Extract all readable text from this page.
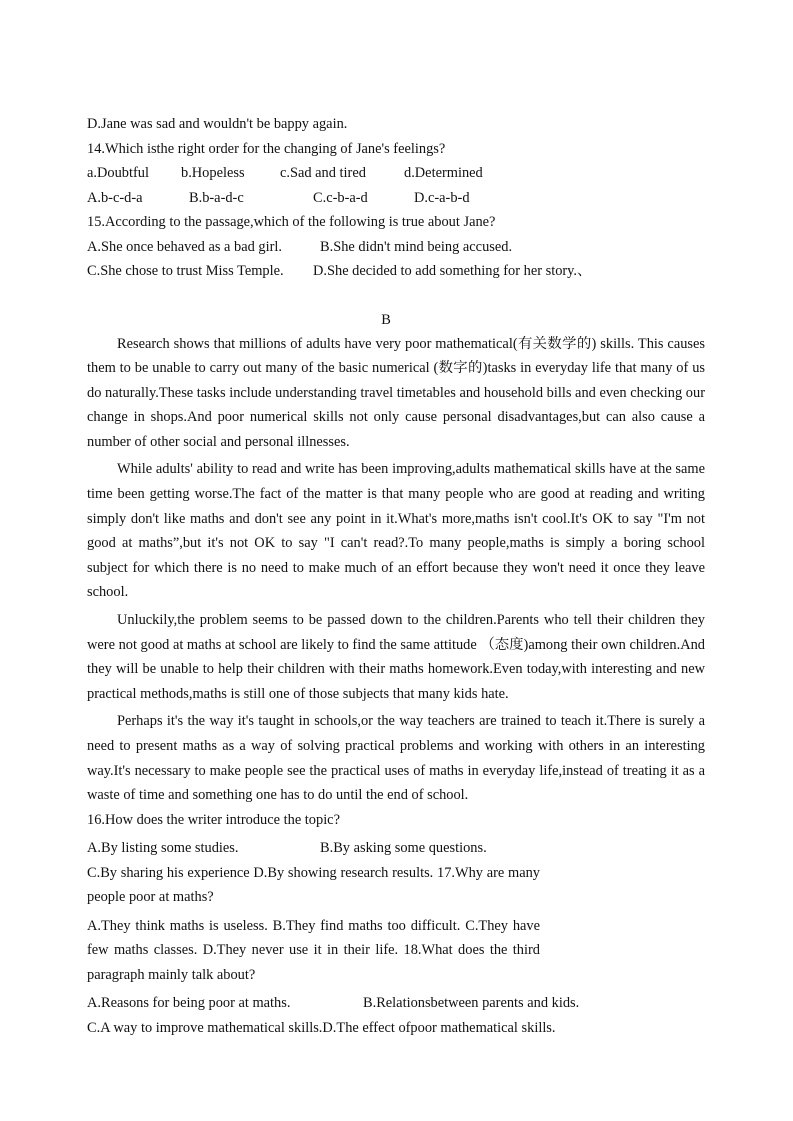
D.Jane was sad and wouldn't be bappy again.
14.Which isthe right order for the changing of Jane's feelings?
a.Doubtful	b.Hopeless	c.Sad and tired	d.Determined
A.b-c-d-a	B.b-a-d-c	C.c-b-a-d	D.c-a-b-d
15.According to the passage,which of the following is true about Jane?
A.She once behaved as a bad girl.	B.She didn't mind being accused.
C.She chose to trust Miss Temple.	D.She decided to add something for her story.、
B

Research shows that millions of adults have very poor mathematical(有关数学的) skills. This causes them to be unable to carry out many of the basic numerical (数字的)tasks in everyday life that many of us do naturally.These tasks include understanding travel timetables and household bills and even checking our change in shops.And poor numerical skills not only cause personal disadvantages,but can also cause a number of other social and personal illnesses.

While adults' ability to read and write has been improving,adults mathematical skills have at the same time been getting worse.The fact of the matter is that many people who are good at reading and writing simply don't like maths and don't see any point in it.What's more,maths isn't cool.It's OK to say "I'm not good at maths”,but it's not OK to say "I can't read?.To many people,maths is simply a boring school subject for which there is no need to make much of an effort because they won't need it once they leave school.

Unluckily,the problem seems to be passed down to the children.Parents who tell their children they were not good at maths at school are likely to find the same attitude （态度)among their own children.And they will be unable to help their children with their maths homework.Even today,with interesting and new practical methods,maths is still one of those subjects that many kids hate.

Perhaps it's the way it's taught in schools,or the way teachers are trained to teach it.There is surely a need to present maths as a way of solving practical problems and working with others in an interesting way.It's necessary to make people see the practical uses of maths in everyday life,instead of treating it as a waste of time and something one has to do until the end of school.

16.How does the writer introduce the topic?
A.By listing some studies.	B.By asking some questions.
C.By sharing his experience D.By showing research results. 17.Why are many people poor at maths?
A.They think maths is useless. B.They find maths too difficult. C.They have few maths classes. D.They never use it in their life. 18.What does the third paragraph mainly talk about?
A.Reasons for being poor at maths.	B.Relationsbetween parents and kids.
C.A way to improve mathematical skills.D.The effect ofpoor mathematical skills.
